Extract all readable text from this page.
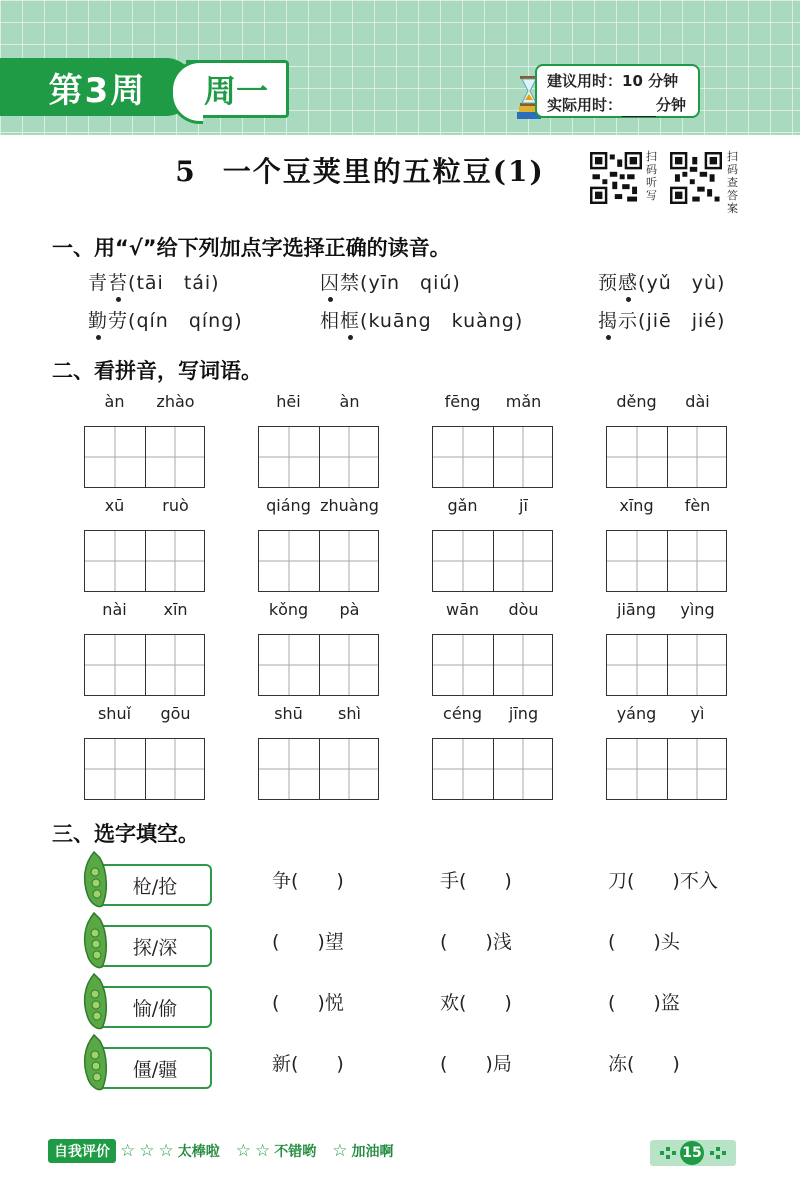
第3周	周一	建议用时：10 分钟
实际用时： 分钟
5 一个豆荚里的五粒豆(1)	扫码听写
扫码查答案
一、用“√”给下列加点字选择正确的读音。
青苔(tāi　tái)	囚禁(yīn　qiú)	预感(yǔ　yù)
勤劳(qín　qíng)	相框(kuāng　kuàng)	揭示(jiē　jié)
二、看拼音，写词语。
àn	zhào	hēi	àn	fēng	mǎn	děng	dài
xū	ruò	qiáng zhuàng	gǎn	jī	xīng	fèn
nài	xīn	kǒng	pà	wān	dòu	jiāng	yìng
shuǐ	gōu	shū	shì	céng	jīng	yáng	yì
三、选字填空。
枪/抢	争(　　)	手(　　)	刀(　　)不入
探/深	(　　)望	(　　)浅	(　　)头
愉/偷	(　　)悦	欢(　　)	(　　)盗
僵/疆	新(　　)	(　　)局	冻(　　)
自我评价 ☆ ☆ ☆ 太棒啦 ☆ ☆ 不错哟 ☆ 加油啊	15
